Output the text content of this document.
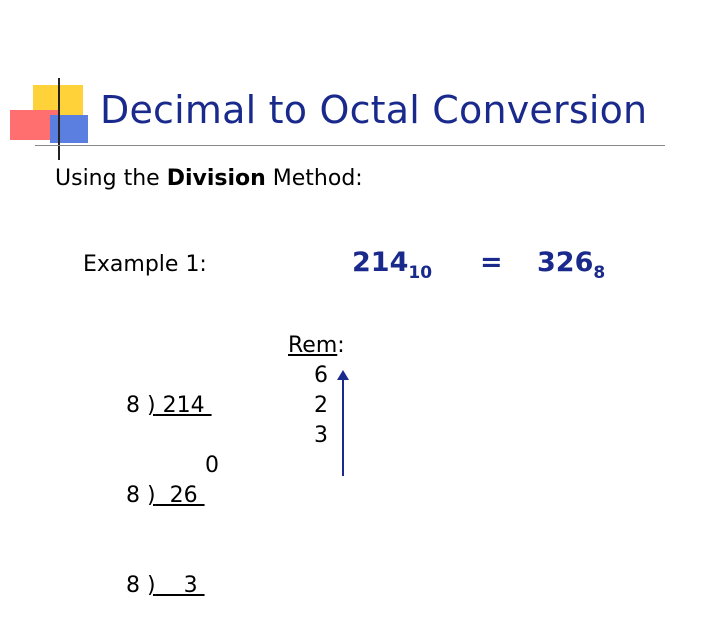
Decimal to Octal Conversion
Using the Division Method:
Example 1:	$214_{10} = 326_8$

8 ) 214

8 )  26

8 )    3

0
Rem:
6
2
3
